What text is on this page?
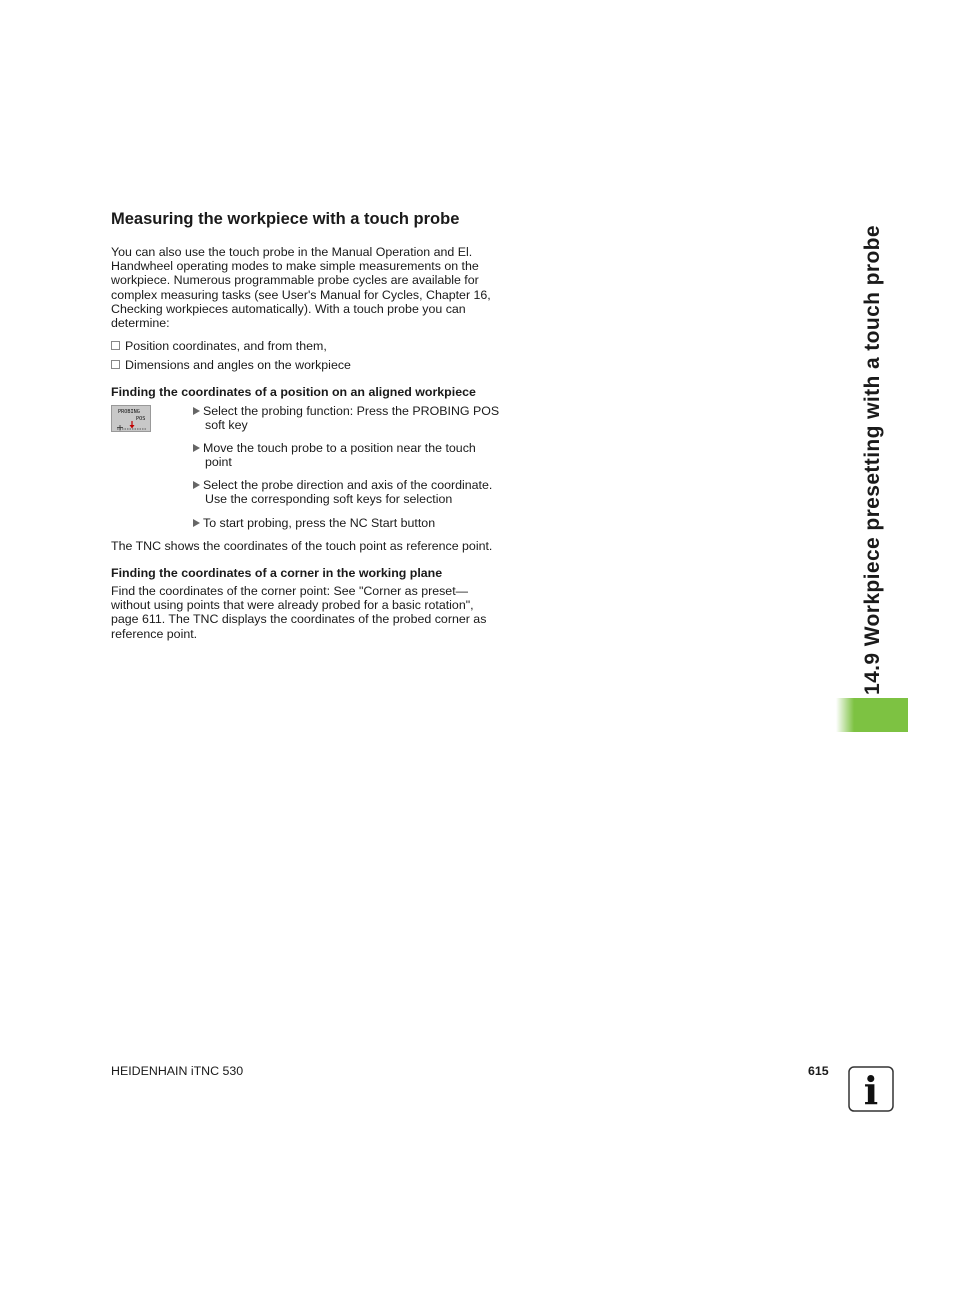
Measuring the workpiece with a touch probe
You can also use the touch probe in the Manual Operation and El.
Handwheel operating modes to make simple measurements on the
workpiece. Numerous programmable probe cycles are available for
complex measuring tasks (see User's Manual for Cycles, Chapter 16,
Checking workpieces automatically). With a touch probe you can
determine:
Position coordinates, and from them,
Dimensions and angles on the workpiece
Finding the coordinates of a position on an aligned workpiece
PROBING
POS
Select the probing function: Press the PROBING POS
soft key
Move the touch probe to a position near the touch
point
Select the probe direction and axis of the coordinate.
Use the corresponding soft keys for selection
To start probing, press the NC Start button
The TNC shows the coordinates of the touch point as reference point.
Finding the coordinates of a corner in the working plane
Find the coordinates of the corner point: See "Corner as preset—
without using points that were already probed for a basic rotation",
page 611. The TNC displays the coordinates of the probed corner as
reference point.	14.9 Workpiece presetting with a touch probe
HEIDENHAIN iTNC 530	615 i
